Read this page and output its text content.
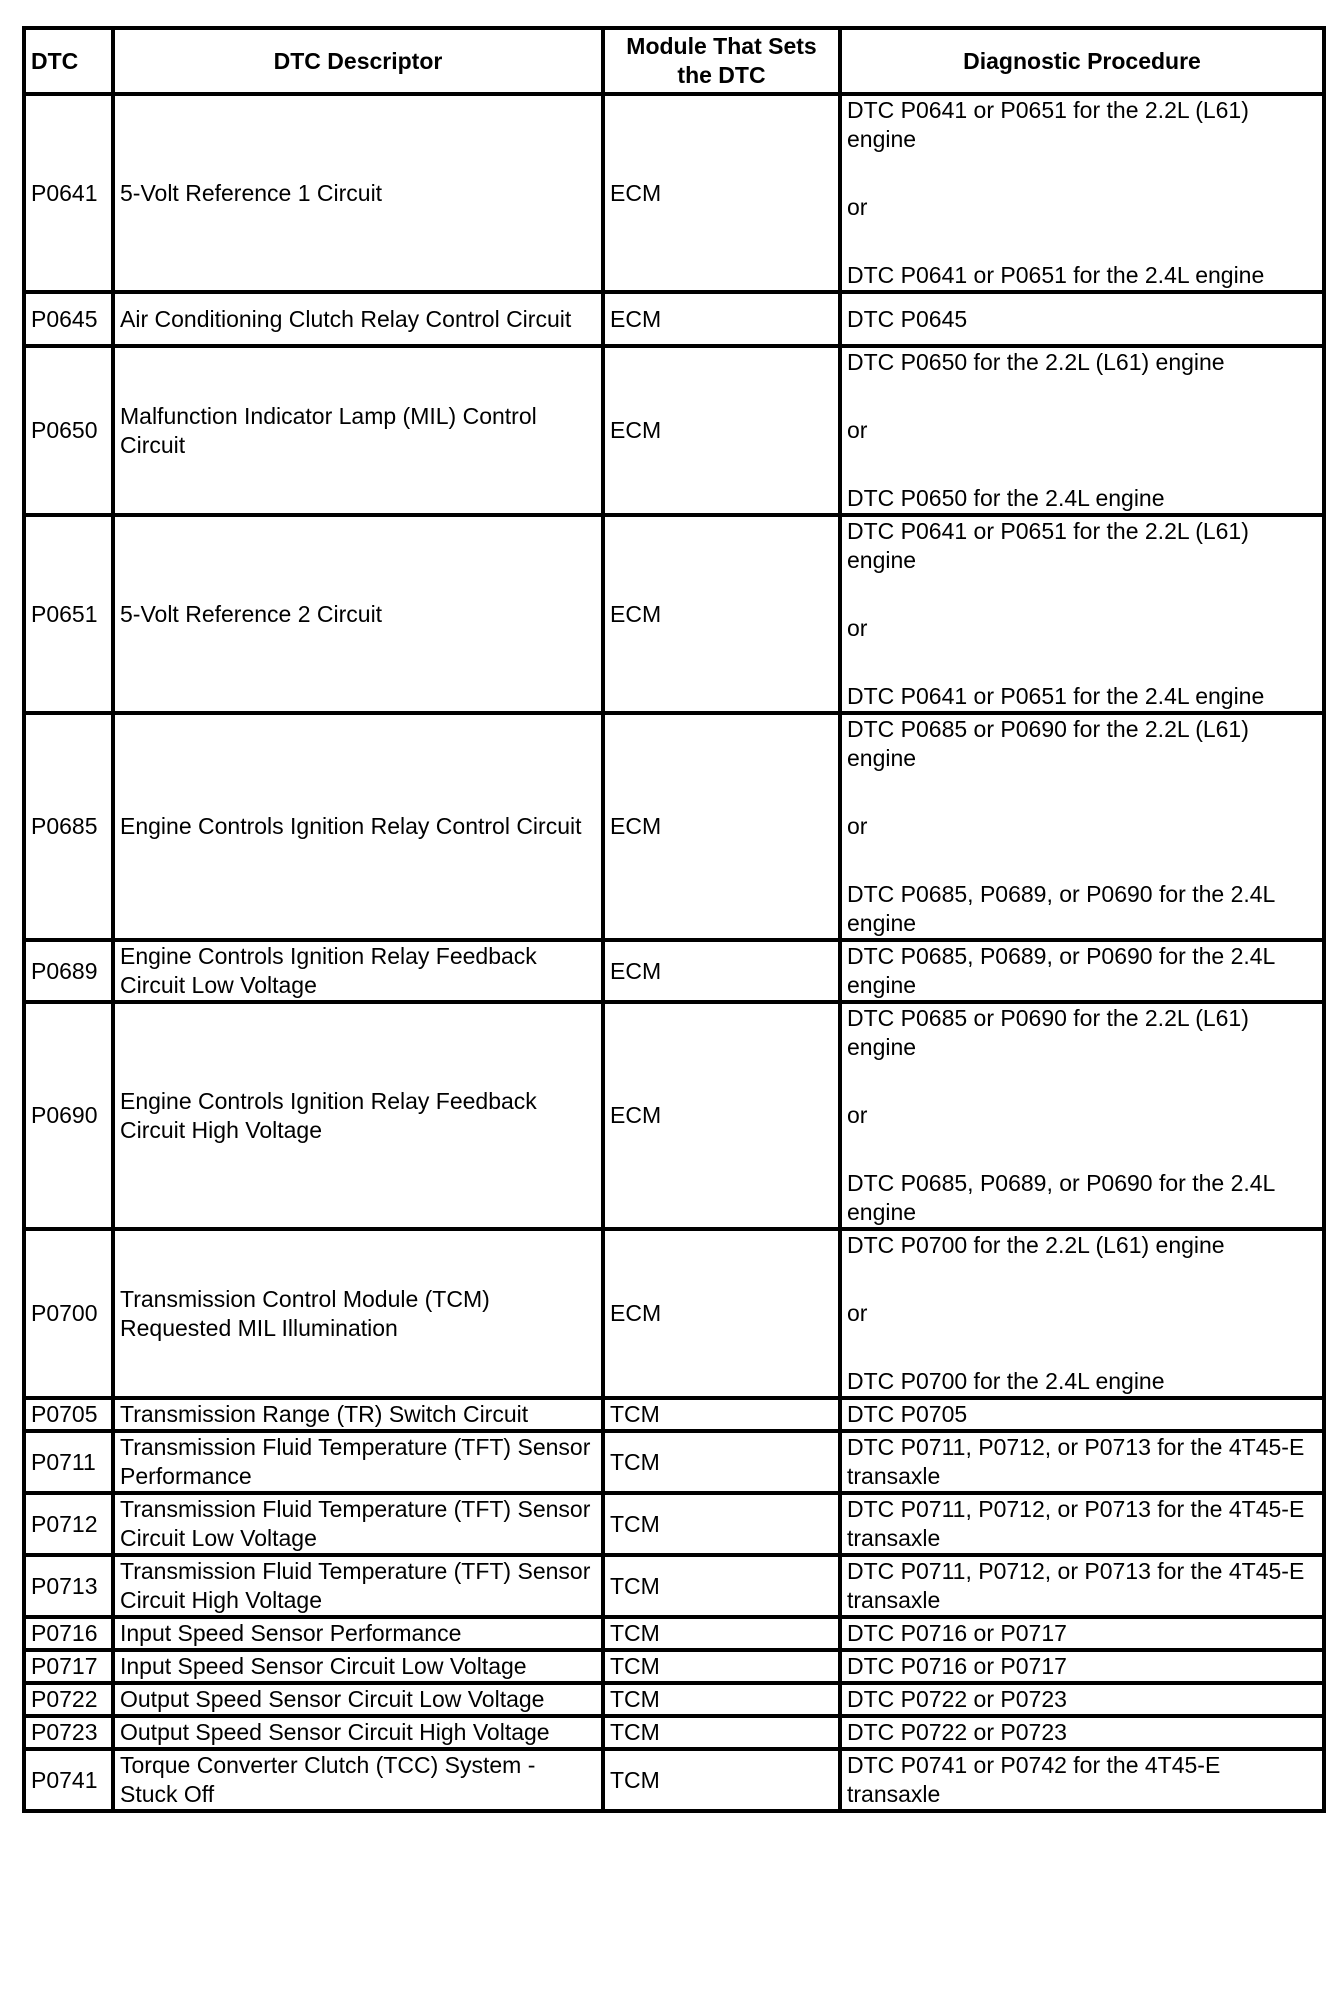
DTC	DTC Descriptor	Module That Sets the DTC	Diagnostic Procedure
P0641	5-Volt Reference 1 Circuit	ECM	DTC P0641 or P0651 for the 2.2L (L61) engine
or
DTC P0641 or P0651 for the 2.4L engine

P0645	Air Conditioning Clutch Relay Control Circuit	ECM	DTC P0645

P0650	Malfunction Indicator Lamp (MIL) Control Circuit	ECM	DTC P0650 for the 2.2L (L61) engine
or
DTC P0650 for the 2.4L engine

P0651	5-Volt Reference 2 Circuit	ECM	DTC P0641 or P0651 for the 2.2L (L61) engine
or
DTC P0641 or P0651 for the 2.4L engine

P0685	Engine Controls Ignition Relay Control Circuit	ECM	DTC P0685 or P0690 for the 2.2L (L61) engine
or
DTC P0685, P0689, or P0690 for the 2.4L engine

P0689	Engine Controls Ignition Relay Feedback Circuit Low Voltage	ECM	DTC P0685, P0689, or P0690 for the 2.4L engine

P0690	Engine Controls Ignition Relay Feedback Circuit High Voltage	ECM	DTC P0685 or P0690 for the 2.2L (L61) engine
or
DTC P0685, P0689, or P0690 for the 2.4L engine

P0700	Transmission Control Module (TCM) Requested MIL Illumination	ECM	DTC P0700 for the 2.2L (L61) engine
or
DTC P0700 for the 2.4L engine

P0705	Transmission Range (TR) Switch Circuit	TCM	DTC P0705

P0711	Transmission Fluid Temperature (TFT) Sensor Performance	TCM	DTC P0711, P0712, or P0713 for the 4T45-E transaxle

P0712	Transmission Fluid Temperature (TFT) Sensor Circuit Low Voltage	TCM	DTC P0711, P0712, or P0713 for the 4T45-E transaxle

P0713	Transmission Fluid Temperature (TFT) Sensor Circuit High Voltage	TCM	DTC P0711, P0712, or P0713 for the 4T45-E transaxle

P0716	Input Speed Sensor Performance	TCM	DTC P0716 or P0717

P0717	Input Speed Sensor Circuit Low Voltage	TCM	DTC P0716 or P0717

P0722	Output Speed Sensor Circuit Low Voltage	TCM	DTC P0722 or P0723

P0723	Output Speed Sensor Circuit High Voltage	TCM	DTC P0722 or P0723

P0741	Torque Converter Clutch (TCC) System - Stuck Off	TCM	DTC P0741 or P0742 for the 4T45-E transaxle
